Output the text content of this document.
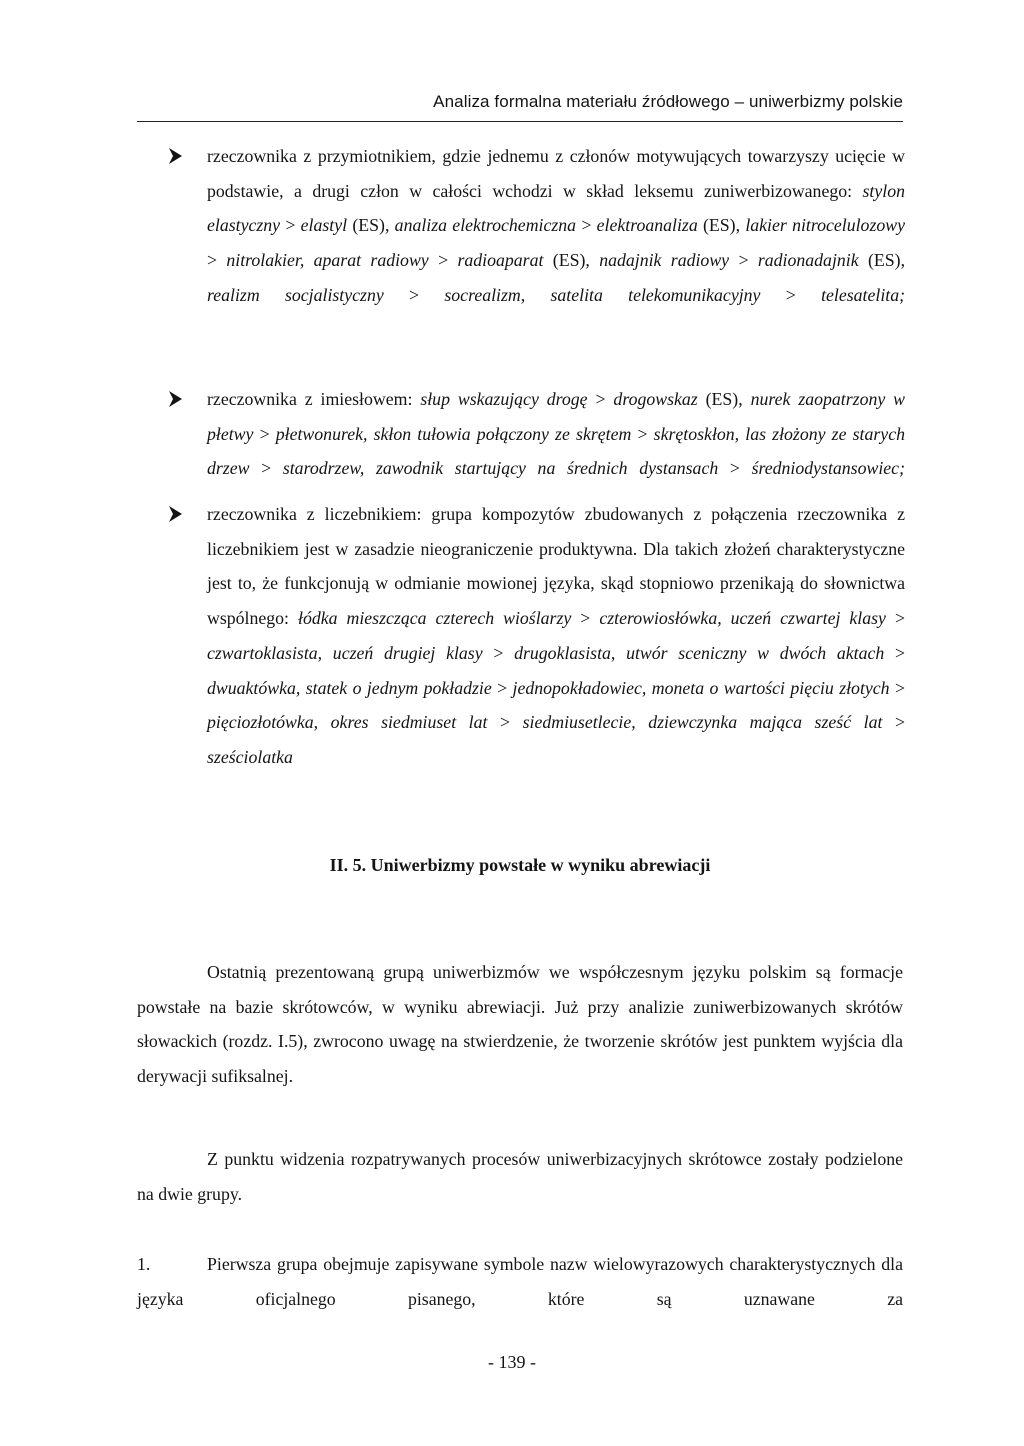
Analiza formalna materiału źródłowego – uniwerbizmy polskie

rzeczownika z przymiotnikiem, gdzie jednemu z członów motywujących towarzyszy ucięcie w podstawie, a drugi człon w całości wchodzi w skład leksemu zuniwerbizowanego: stylon elastyczny > elastyl (ES), analiza elektrochemiczna > elektroanaliza (ES), lakier nitrocelulozowy > nitrolakier, aparat radiowy > radioaparat (ES), nadajnik radiowy > radionadajnik (ES), realizm socjalistyczny > socrealizm, satelita telekomunikacyjny > telesatelita;

rzeczownika z imiesłowem: słup wskazujący drogę > drogowskaz (ES), nurek zaopatrzony w płetwy > płetwonurek, skłon tułowia połączony ze skrętem > skrętoskłon, las złożony ze starych drzew > starodrzew, zawodnik startujący na średnich dystansach > średniodystansowiec;

rzeczownika z liczebnikiem: grupa kompozytów zbudowanych z połączenia rzeczownika z liczebnikiem jest w zasadzie nieograniczenie produktywna. Dla takich złożeń charakterystyczne jest to, że funkcjonują w odmianie mowionej języka, skąd stopniowo przenikają do słownictwa wspólnego: łódka mieszcząca czterech wioślarzy > czterowiosłówka, uczeń czwartej klasy > czwartoklasista, uczeń drugiej klasy > drugoklasista, utwór sceniczny w dwóch aktach > dwuaktówka, statek o jednym pokładzie > jednopokładowiec, moneta o wartości pięciu złotych > pięciozłotówka, okres siedmiuset lat > siedmiusetlecie, dziewczynka mająca sześć lat > sześciolatka

II. 5. Uniwerbizmy powstałe w wyniku abrewiacji

Ostatnią prezentowaną grupą uniwerbizmów we współczesnym języku polskim są formacje powstałe na bazie skrótowców, w wyniku abrewiacji. Już przy analizie zuniwerbizowanych skrótów słowackich (rozdz. I.5), zwrocono uwagę na stwierdzenie, że tworzenie skrótów jest punktem wyjścia dla derywacji sufiksalnej.

Z punktu widzenia rozpatrywanych procesów uniwerbizacyjnych skrótowce zostały podzielone na dwie grupy.

1.	Pierwsza grupa obejmuje zapisywane symbole nazw wielowyrazowych charakterystycznych dla języka oficjalnego pisanego, które są uznawane za

- 139 -
